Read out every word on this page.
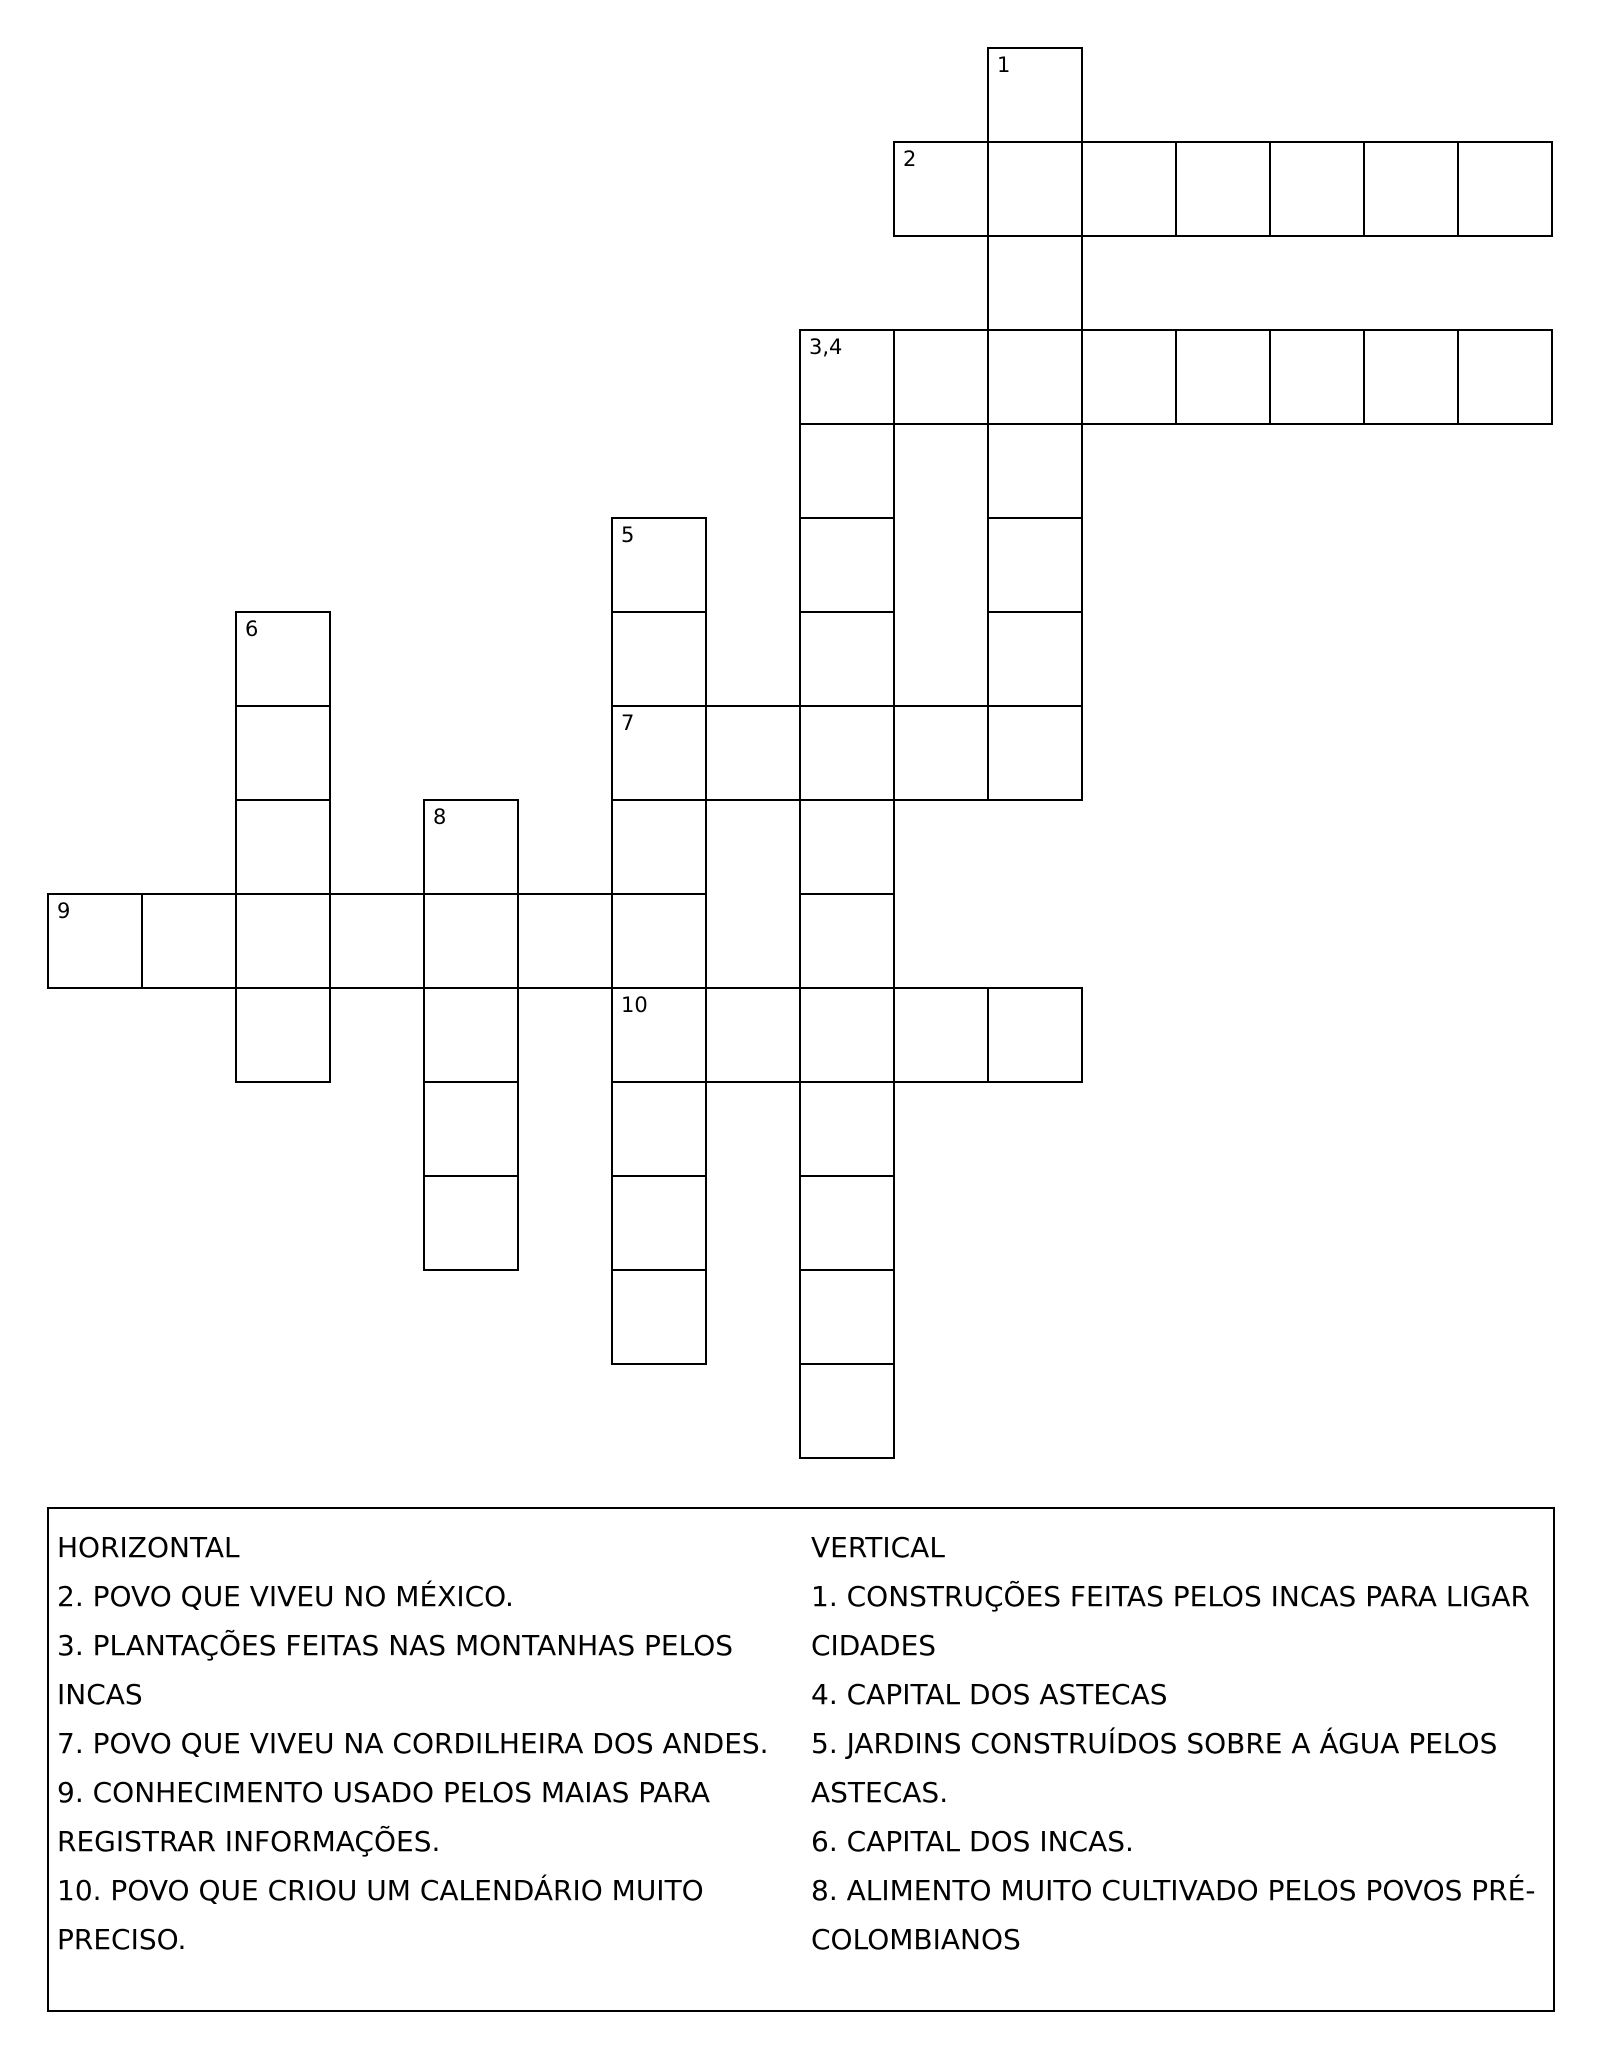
2
3,4
7
9
10
1
5
6
8

HORIZONTAL

2. POVO QUE VIVEU NO MÉXICO.

3. PLANTAÇÕES FEITAS NAS MONTANHAS PELOS INCAS

7. POVO QUE VIVEU NA CORDILHEIRA DOS ANDES.

9. CONHECIMENTO USADO PELOS MAIAS PARA REGISTRAR INFORMAÇÕES.

10. POVO QUE CRIOU UM CALENDÁRIO MUITO PRECISO.

VERTICAL

1. CONSTRUÇÕES FEITAS PELOS INCAS PARA LIGAR CIDADES

4. CAPITAL DOS ASTECAS

5. JARDINS CONSTRUÍDOS SOBRE A ÁGUA PELOS ASTECAS.

6. CAPITAL DOS INCAS.

8. ALIMENTO MUITO CULTIVADO PELOS POVOS PRÉ-COLOMBIANOS
